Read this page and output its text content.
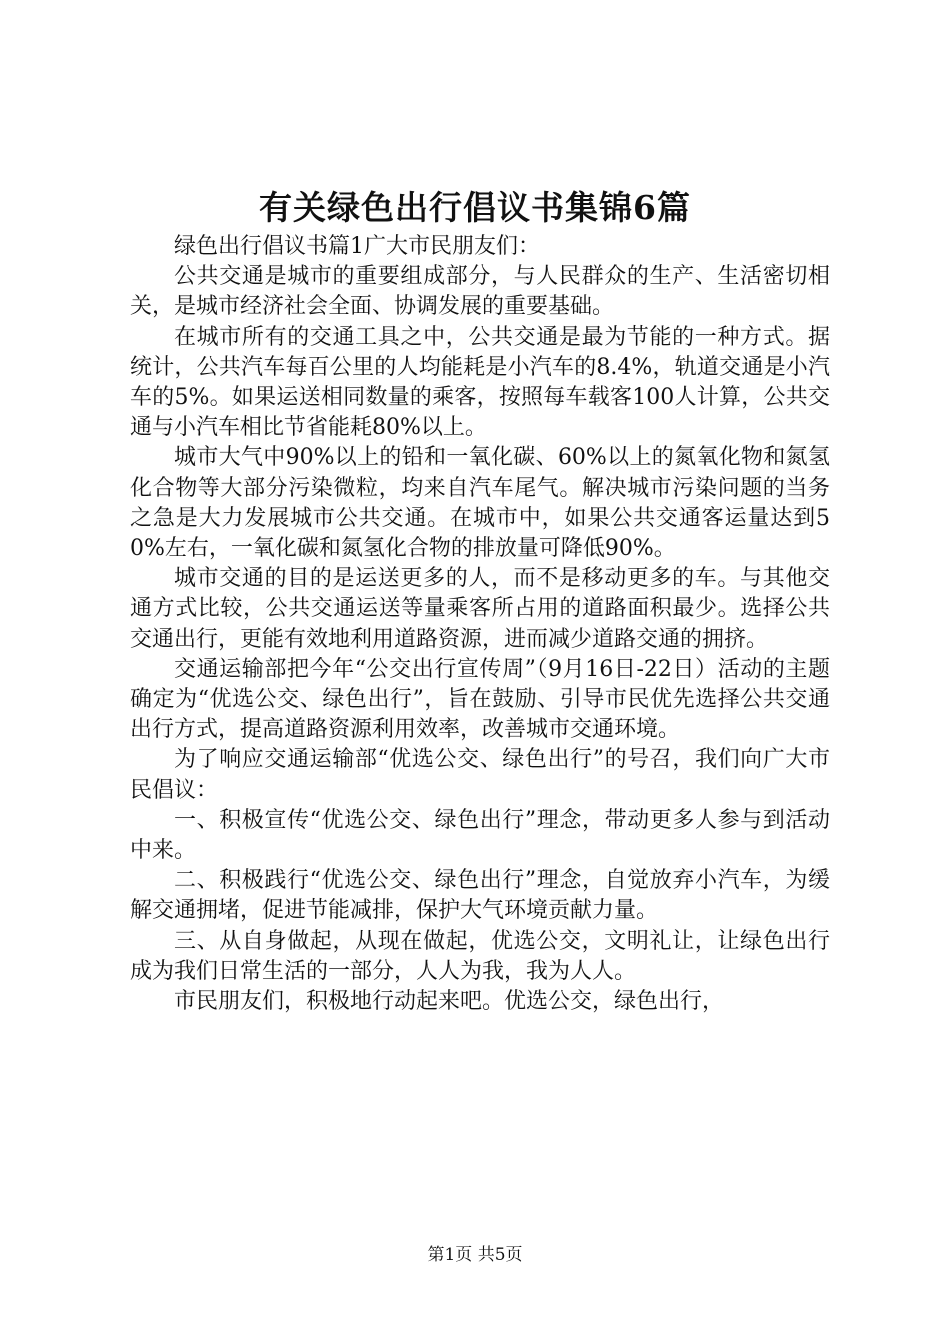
有关绿色出行倡议书集锦6篇

绿色出行倡议书篇1广大市民朋友们：

公共交通是城市的重要组成部分，与人民群众的生产、生活密切相关，是城市经济社会全面、协调发展的重要基础。

在城市所有的交通工具之中，公共交通是最为节能的一种方式。据统计，公共汽车每百公里的人均能耗是小汽车的8.4%，轨道交通是小汽车的5%。如果运送相同数量的乘客，按照每车载客100人计算，公共交通与小汽车相比节省能耗80%以上。

城市大气中90%以上的铅和一氧化碳、60%以上的氮氧化物和氮氢化合物等大部分污染微粒，均来自汽车尾气。解决城市污染问题的当务之急是大力发展城市公共交通。在城市中，如果公共交通客运量达到50%左右，一氧化碳和氮氢化合物的排放量可降低90%。

城市交通的目的是运送更多的人，而不是移动更多的车。与其他交通方式比较，公共交通运送等量乘客所占用的道路面积最少。选择公共交通出行，更能有效地利用道路资源，进而减少道路交通的拥挤。

交通运输部把今年“公交出行宣传周”（9月16日-22日）活动的主题确定为“优选公交、绿色出行”，旨在鼓励、引导市民优先选择公共交通出行方式，提高道路资源利用效率，改善城市交通环境。

为了响应交通运输部“优选公交、绿色出行”的号召，我们向广大市民倡议：

一、积极宣传“优选公交、绿色出行”理念，带动更多人参与到活动中来。

二、积极践行“优选公交、绿色出行”理念，自觉放弃小汽车，为缓解交通拥堵，促进节能减排，保护大气环境贡献力量。

三、从自身做起，从现在做起，优选公交，文明礼让，让绿色出行成为我们日常生活的一部分，人人为我，我为人人。

市民朋友们，积极地行动起来吧。优选公交，绿色出行，

第1页 共5页
